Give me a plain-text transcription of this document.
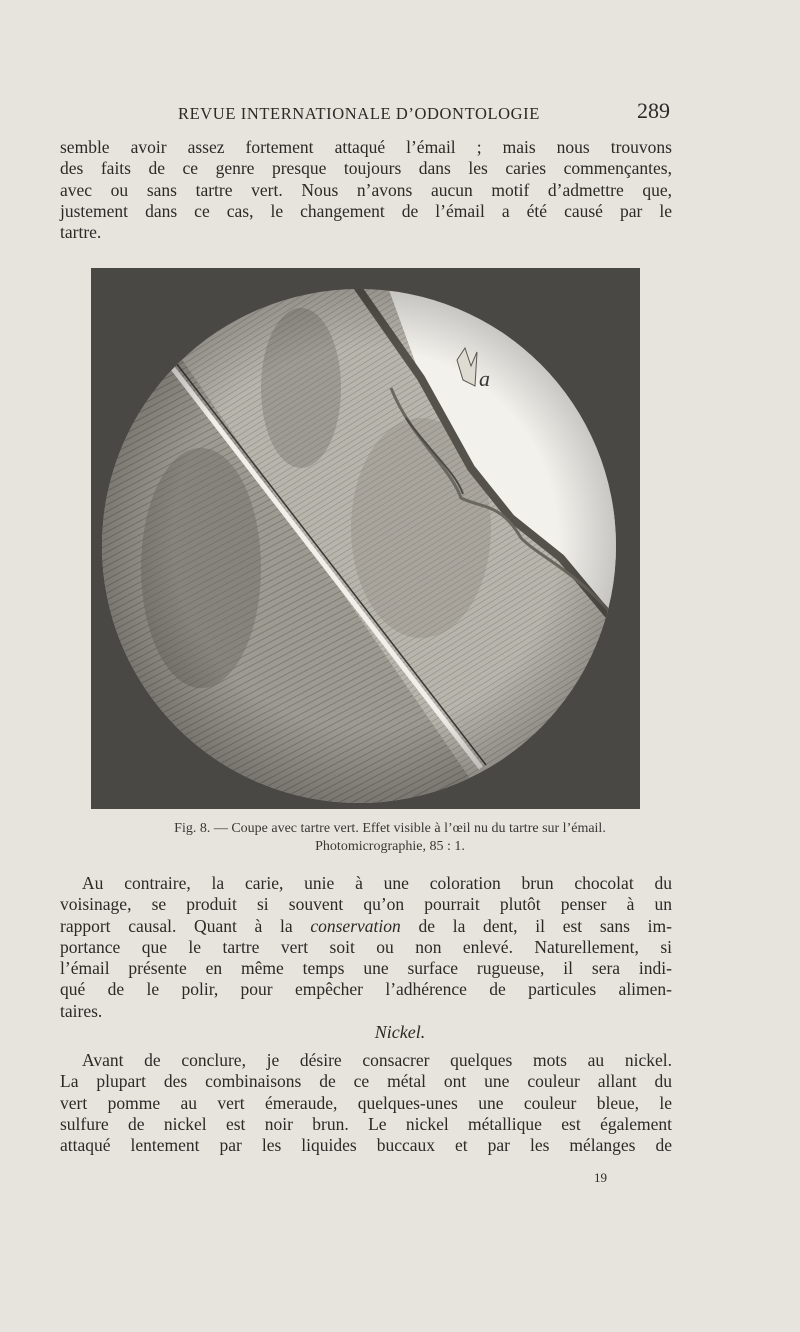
REVUE INTERNATIONALE D’ODONTOLOGIE	289

semble avoir assez fortement attaqué l’émail ; mais nous trouvons
des faits de ce genre presque toujours dans les caries commençantes,
avec ou sans tartre vert. Nous n’avons aucun motif d’admettre que,
justement dans ce cas, le changement de l’émail a été causé par le
tartre.

a
Fig. 8. — Coupe avec tartre vert. Effet visible à l’œil nu du tartre sur l’émail.
Photomicrographie, 85 : 1.

Au contraire, la carie, unie à une coloration brun chocolat du
voisinage, se produit si souvent qu’on pourrait plutôt penser à un
rapport causal. Quant à la conservation de la dent, il est sans im-
portance que le tartre vert soit ou non enlevé. Naturellement, si
l’émail présente en même temps une surface rugueuse, il sera indi-
qué de le polir, pour empêcher l’adhérence de particules alimen-
taires.

Nickel.

Avant de conclure, je désire consacrer quelques mots au nickel.
La plupart des combinaisons de ce métal ont une couleur allant du
vert pomme au vert émeraude, quelques-unes une couleur bleue, le
sulfure de nickel est noir brun. Le nickel métallique est également
attaqué lentement par les liquides buccaux et par les mélanges de

19
